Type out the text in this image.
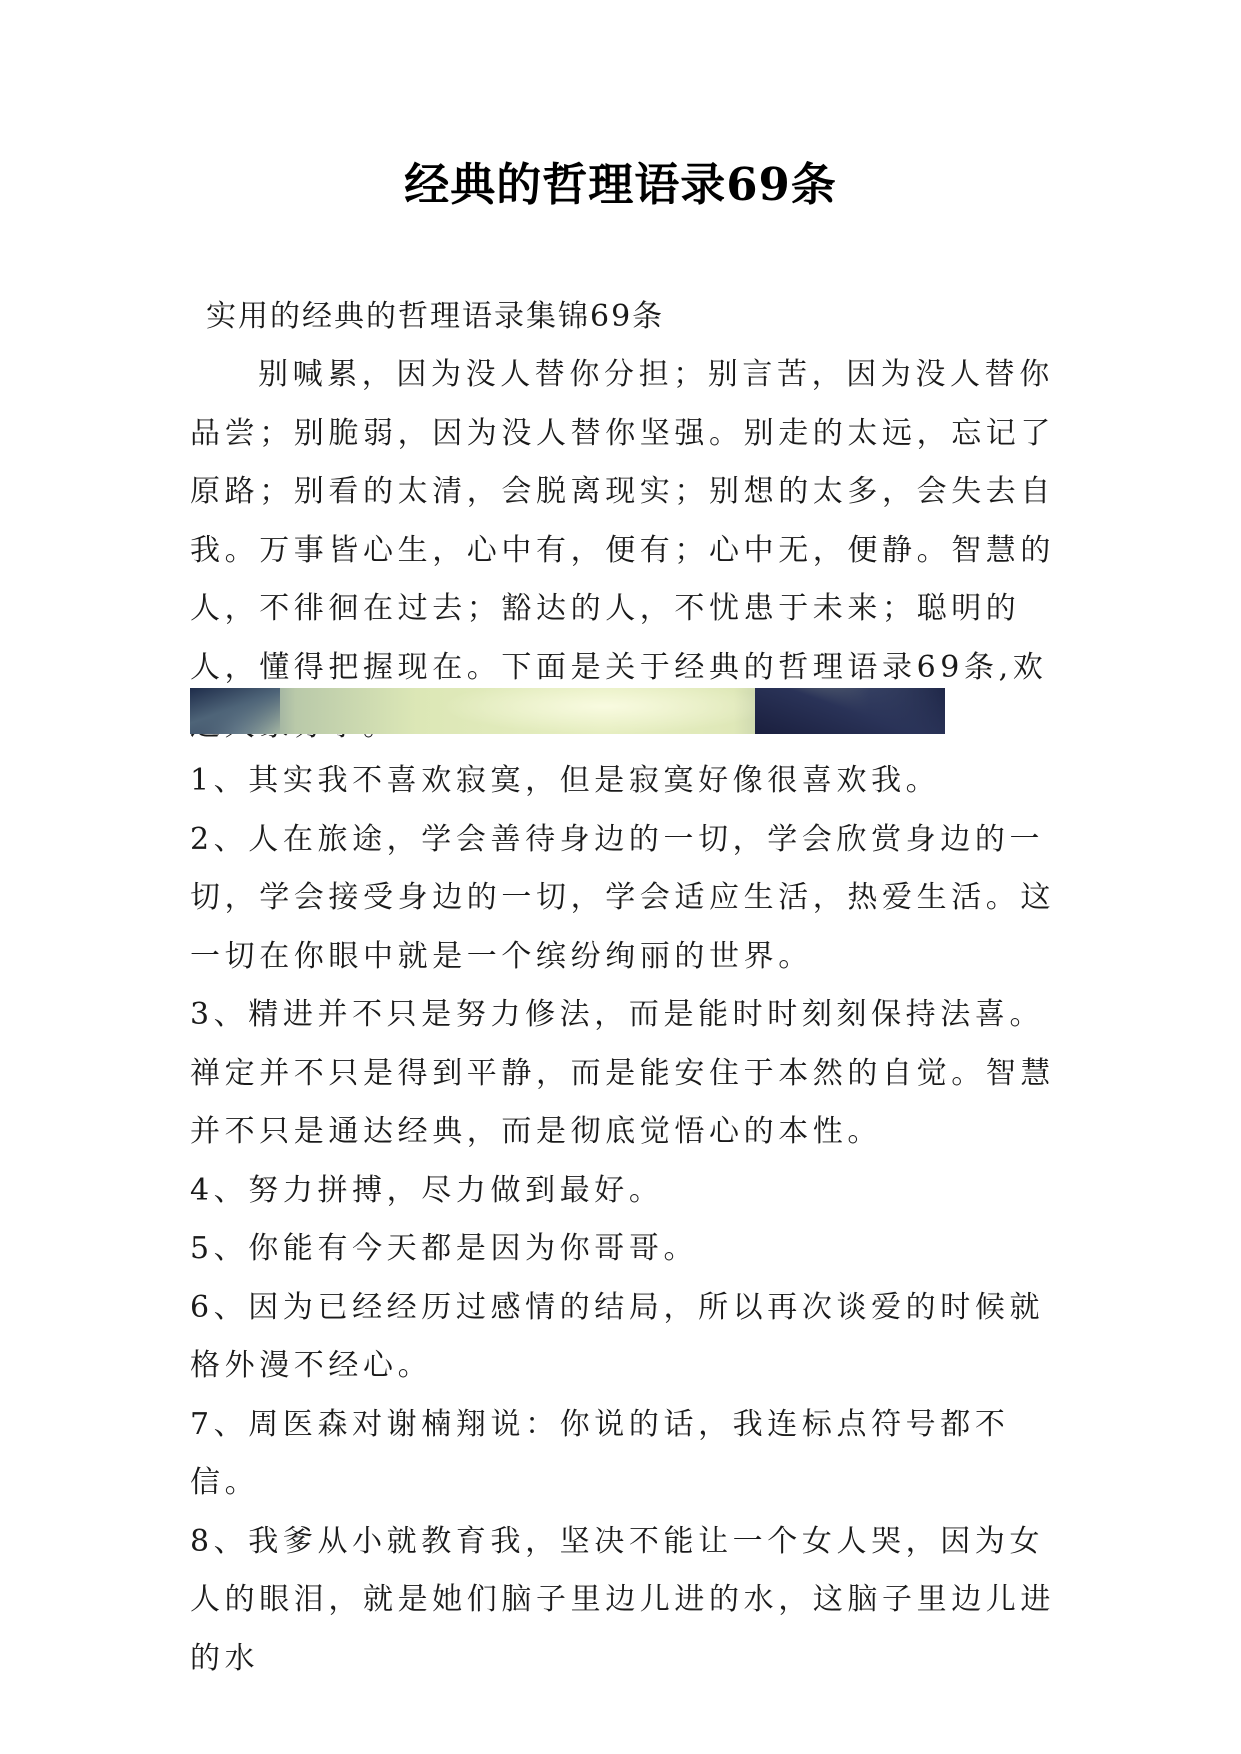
经典的哲理语录69条
实用的经典的哲理语录集锦69条
别喊累，因为没人替你分担；别言苦，因为没人替你品尝；别脆弱，因为没人替你坚强。别走的太远，忘记了原路；别看的太清，会脱离现实；别想的太多，会失去自我。万事皆心生，心中有，便有；心中无，便静。智慧的人，不徘徊在过去；豁达的人，不忧患于未来；聪明的人，懂得把握现在。下面是关于经典的哲理语录69条,欢

1、其实我不喜欢寂寞，但是寂寞好像很喜欢我。

2、人在旅途，学会善待身边的一切，学会欣赏身边的一切，学会接受身边的一切，学会适应生活，热爱生活。这一切在你眼中就是一个缤纷绚丽的世界。

3、精进并不只是努力修法，而是能时时刻刻保持法喜。禅定并不只是得到平静，而是能安住于本然的自觉。智慧并不只是通达经典，而是彻底觉悟心的本性。

4、努力拼搏，尽力做到最好。

5、你能有今天都是因为你哥哥。

6、因为已经经历过感情的结局，所以再次谈爱的时候就格外漫不经心。

7、周医森对谢楠翔说：你说的话，我连标点符号都不信。

8、我爹从小就教育我，坚决不能让一个女人哭，因为女人的眼泪，就是她们脑子里边儿进的水，这脑子里边儿进的水
